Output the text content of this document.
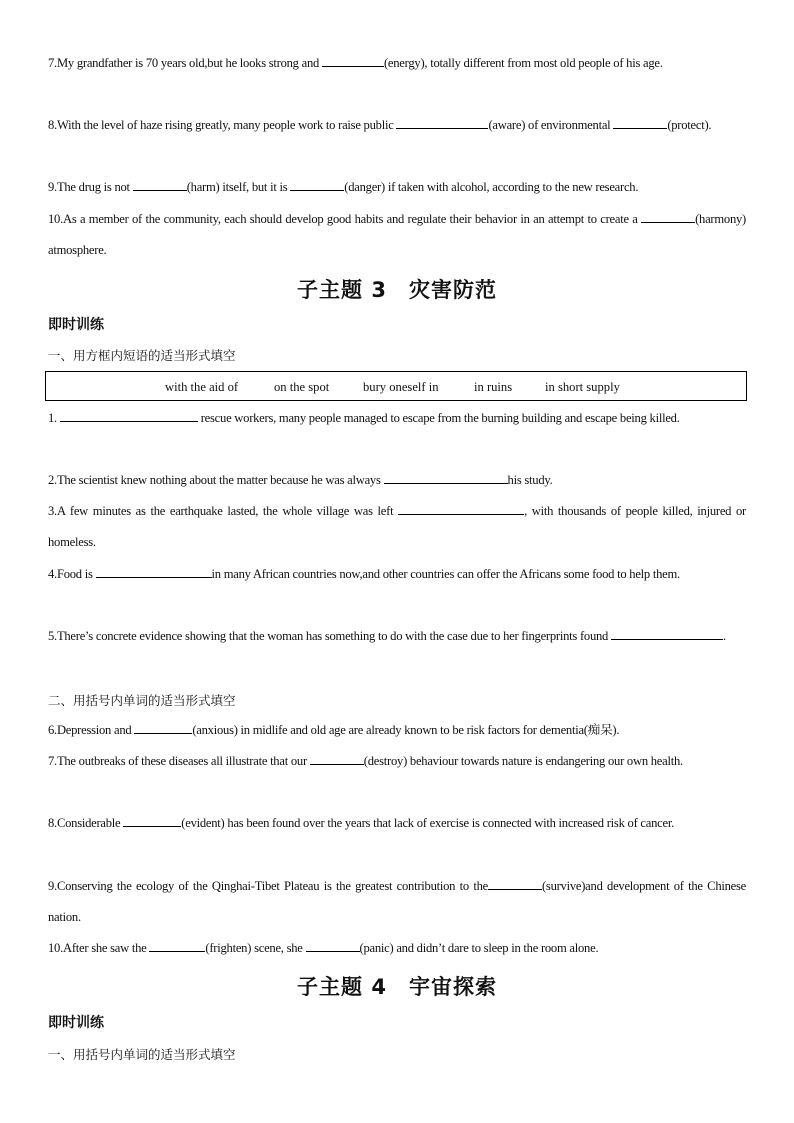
7.My grandfather is 70 years old,but he looks strong and	(energy), totally different from most old people of his age.

8.With the level of haze rising greatly, many people work to raise public	(aware) of environmental	(protect).

9.The drug is not	(harm) itself, but it is	(danger) if taken with alcohol, according to the new research.

10.As a member of the community, each should develop good habits and regulate their behavior in an attempt to create a	(harmony) atmosphere.

子主题 3　灾害防范

即时训练

一、用方框内短语的适当形式填空

with the aid of	on the spot	bury oneself in	in ruins	in short supply

1.	rescue workers, many people managed to escape from the burning building and escape being killed.

2.The scientist knew nothing about the matter because he was always	his study.

3.A few minutes as the earthquake lasted, the whole village was left	, with thousands of people killed, injured or homeless.

4.Food is	in many African countries now,and other countries can offer the Africans some food to help them.

5.There’s concrete evidence showing that the woman has something to do with the case due to her fingerprints found	.

二、用括号内单词的适当形式填空

6.Depression and	(anxious) in midlife and old age are already known to be risk factors for dementia(痴呆).

7.The outbreaks of these diseases all illustrate that our	(destroy) behaviour towards nature is endangering our own health.

8.Considerable	(evident) has been found over the years that lack of exercise is connected with increased risk of cancer.

9.Conserving the ecology of the Qinghai-Tibet Plateau is the greatest contribution to the	(survive)and development of the Chinese nation.

10.After she saw the	(frighten) scene, she	(panic) and didn’t dare to sleep in the room alone.

子主题 4　宇宙探索

即时训练

一、用括号内单词的适当形式填空
